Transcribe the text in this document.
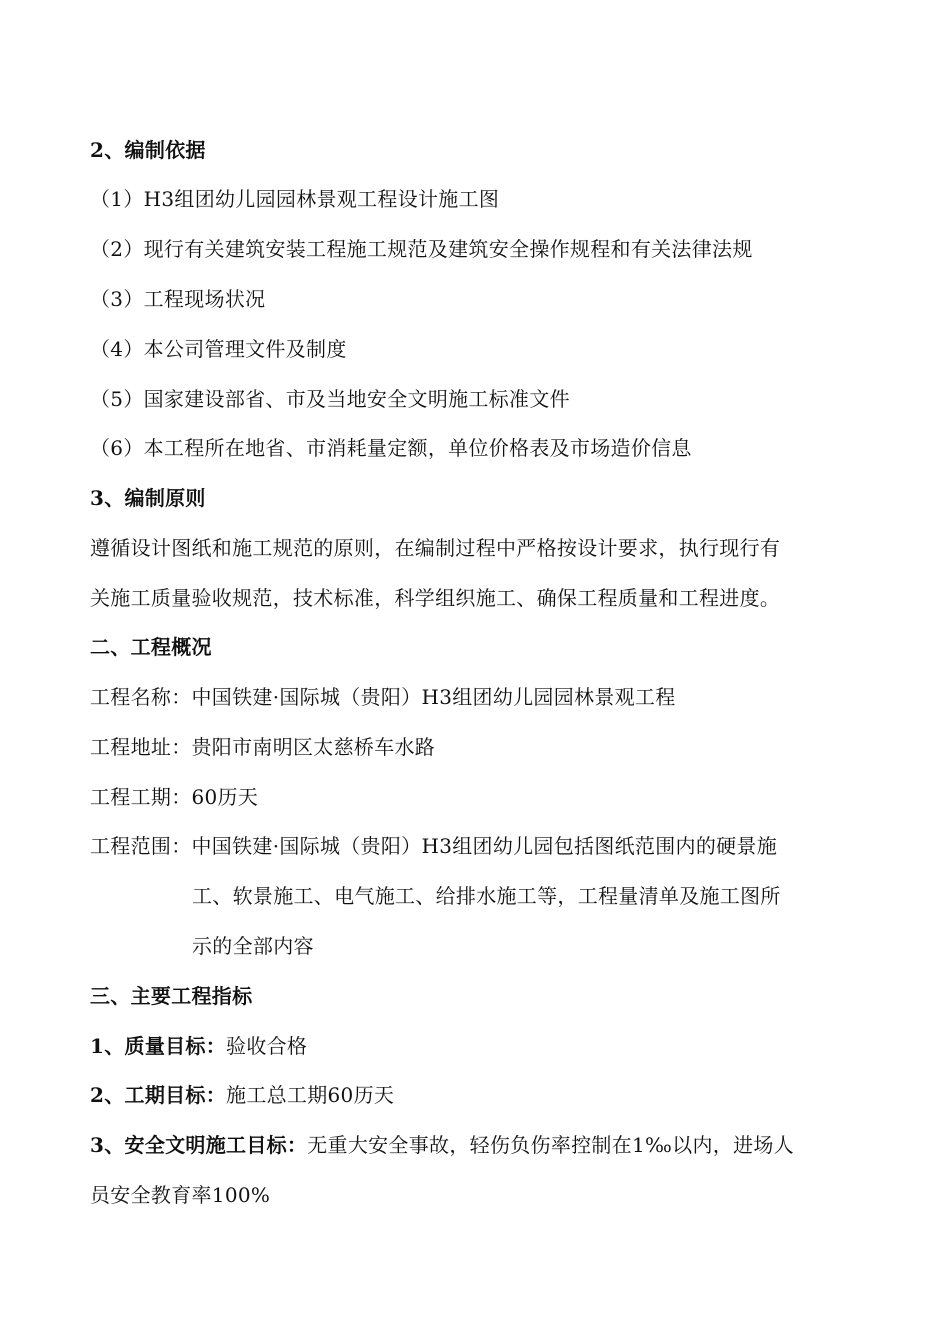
2、编制依据
（1）H3组团幼儿园园林景观工程设计施工图
（2）现行有关建筑安装工程施工规范及建筑安全操作规程和有关法律法规
（3）工程现场状况
（4）本公司管理文件及制度
（5）国家建设部省、市及当地安全文明施工标准文件
（6）本工程所在地省、市消耗量定额，单位价格表及市场造价信息
3、编制原则
遵循设计图纸和施工规范的原则，在编制过程中严格按设计要求，执行现行有
关施工质量验收规范，技术标准，科学组织施工、确保工程质量和工程进度。
二、工程概况
工程名称：中国铁建·国际城（贵阳）H3组团幼儿园园林景观工程
工程地址：贵阳市南明区太慈桥车水路
工程工期：60历天
工程范围：中国铁建·国际城（贵阳）H3组团幼儿园包括图纸范围内的硬景施
工、软景施工、电气施工、给排水施工等，工程量清单及施工图所
示的全部内容
三、主要工程指标
1、质量目标：验收合格
2、工期目标：施工总工期60历天
3、安全文明施工目标：无重大安全事故，轻伤负伤率控制在1‰以内，进场人
员安全教育率100%
